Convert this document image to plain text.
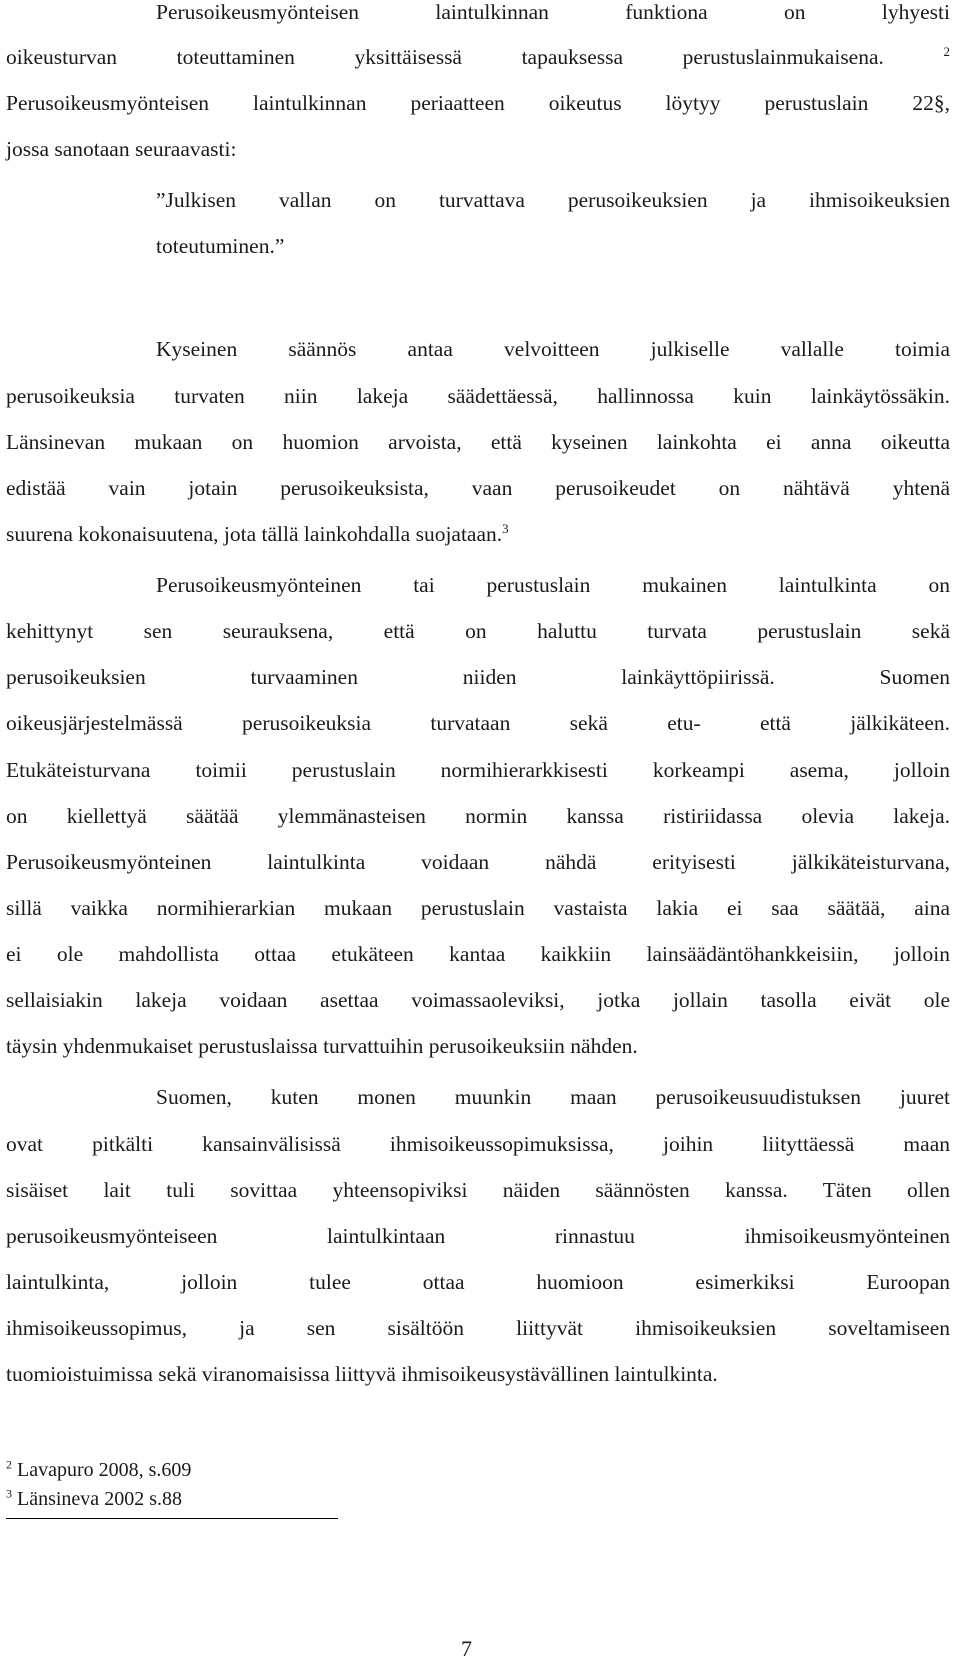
Perusoikeusmyönteisen laintulkinnan funktiona on lyhyesti
oikeusturvan toteuttaminen yksittäisessä tapauksessa perustuslainmukaisena.	$^2$
Perusoikeusmyönteisen laintulkinnan periaatteen oikeutus löytyy perustuslain 22§,
jossa sanotaan seuraavasti:
”Julkisen vallan on turvattava perusoikeuksien ja ihmisoikeuksien
toteutuminen.”
Kyseinen säännös antaa velvoitteen julkiselle vallalle toimia
perusoikeuksia turvaten niin lakeja säädettäessä, hallinnossa kuin lainkäytössäkin.
Länsinevan mukaan on huomion arvoista, että kyseinen lainkohta ei anna oikeutta
edistää vain jotain perusoikeuksista, vaan perusoikeudet on nähtävä yhtenä
suurena kokonaisuutena, jota tällä lainkohdalla suojataan.$^3$
Perusoikeusmyönteinen tai perustuslain mukainen laintulkinta on
kehittynyt sen seurauksena, että on haluttu turvata perustuslain sekä
perusoikeuksien turvaaminen niiden lainkäyttöpiirissä. Suomen
oikeusjärjestelmässä perusoikeuksia turvataan sekä etu- että jälkikäteen.
Etukäteisturvana toimii perustuslain normihierarkkisesti korkeampi asema, jolloin
on kiellettyä säätää ylemmänasteisen normin kanssa ristiriidassa olevia lakeja.
Perusoikeusmyönteinen laintulkinta voidaan nähdä erityisesti jälkikäteisturvana,
sillä vaikka normihierarkian mukaan perustuslain vastaista lakia ei saa säätää, aina
ei ole mahdollista ottaa etukäteen kantaa kaikkiin lainsäädäntöhankkeisiin, jolloin
sellaisiakin lakeja voidaan asettaa voimassaoleviksi, jotka jollain tasolla eivät ole
täysin yhdenmukaiset perustuslaissa turvattuihin perusoikeuksiin nähden.
Suomen, kuten monen muunkin maan perusoikeusuudistuksen juuret
ovat pitkälti kansainvälisissä ihmisoikeussopimuksissa, joihin liityttäessä maan
sisäiset lait tuli sovittaa yhteensopiviksi näiden säännösten kanssa. Täten ollen
perusoikeusmyönteiseen laintulkintaan rinnastuu ihmisoikeusmyönteinen
laintulkinta, jolloin tulee ottaa huomioon esimerkiksi Euroopan
ihmisoikeussopimus, ja sen sisältöön liittyvät ihmisoikeuksien soveltamiseen
tuomioistuimissa sekä viranomaisissa liittyvä ihmisoikeusystävällinen laintulkinta.
$^2$ Lavapuro 2008, s.609
$^3$ Länsineva 2002 s.88
7
